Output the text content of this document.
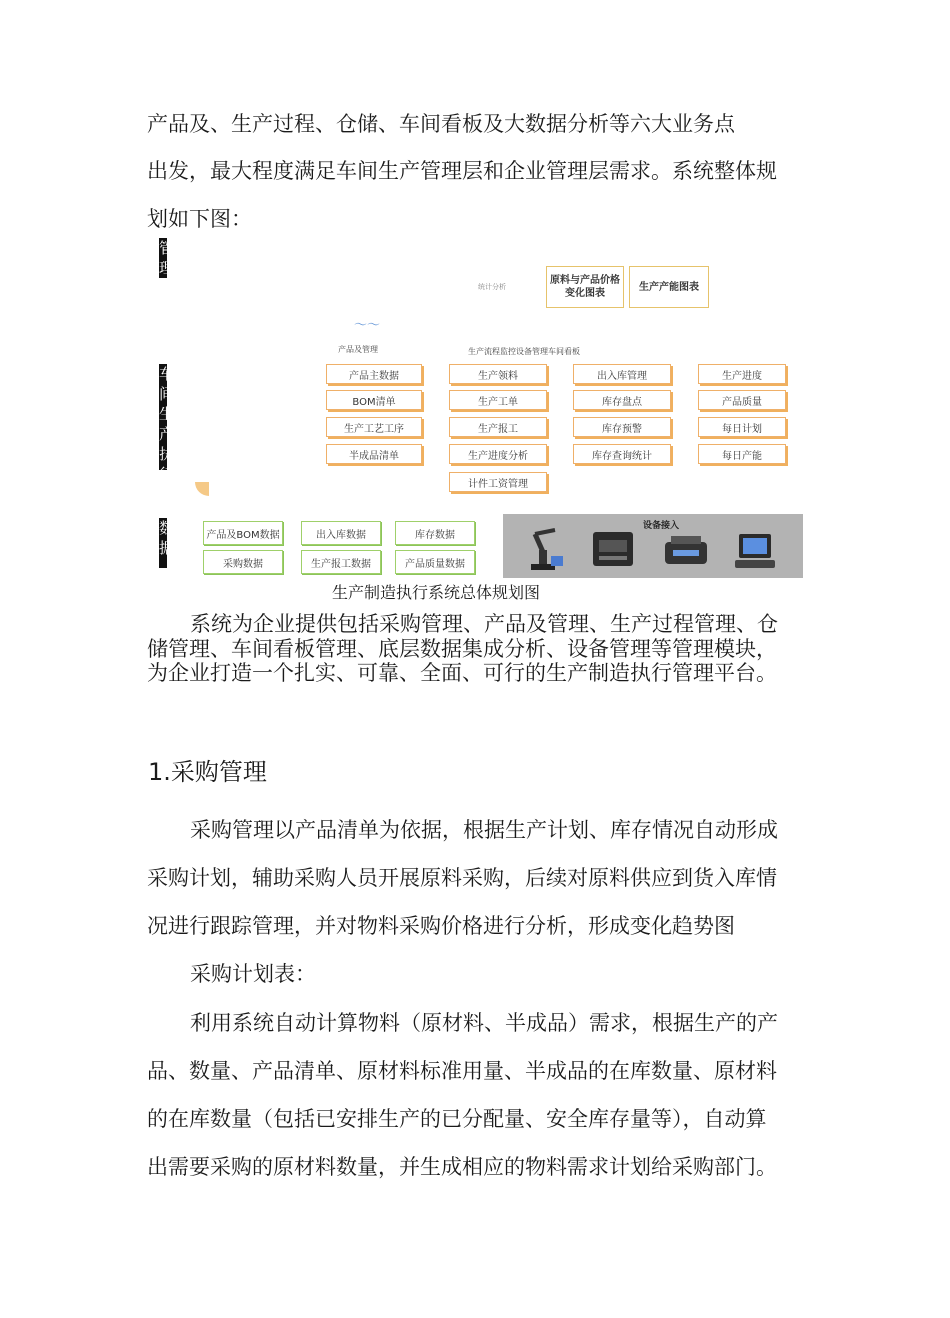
产品及、生产过程、仓储、车间看板及大数据分析等六大业务点
出发，最大程度满足车间生产管理层和企业管理层需求。系统整体规
划如下图：
管理
车间生产执行
数据
统计分析
原料与产品价格变化图表
生产产能图表
〜〜
产品及管理	生产流程监控设备管理车间看板
产品主数据
BOM清单
生产工艺工序
半成品清单
生产领料
生产工单
生产报工
生产进度分析
计件工资管理
出入库管理
库存盘点
库存预警
库存查询统计
生产进度
产品质量
每日计划
每日产能
产品及BOM数据	出入库数据	库存数据
采购数据	生产报工数据	产品质量数据
设备接入
生产制造执行系统总体规划图
系统为企业提供包括采购管理、产品及管理、生产过程管理、仓
储管理、车间看板管理、底层数据集成分析、设备管理等管理模块，
为企业打造一个扎实、可靠、全面、可行的生产制造执行管理平台。
1.采购管理
采购管理以产品清单为依据，根据生产计划、库存情况自动形成
采购计划，辅助采购人员开展原料采购，后续对原料供应到货入库情
况进行跟踪管理，并对物料采购价格进行分析，形成变化趋势图
采购计划表：
利用系统自动计算物料（原材料、半成品）需求，根据生产的产
品、数量、产品清单、原材料标准用量、半成品的在库数量、原材料
的在库数量（包括已安排生产的已分配量、安全库存量等），自动算
出需要采购的原材料数量，并生成相应的物料需求计划给采购部门。
